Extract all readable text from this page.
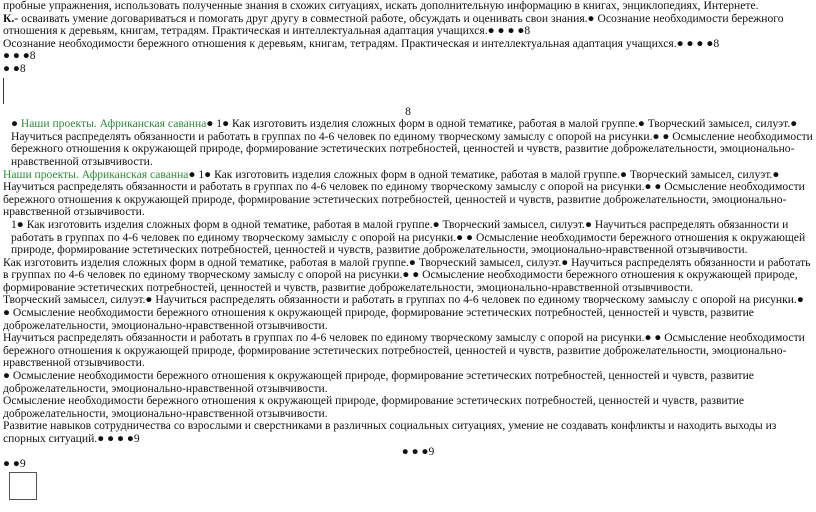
пробные упражнения, использовать полученные знания в схожих ситуациях, искать дополнительную информацию в книгах, энциклопедиях, Интернете.

К.- осваивать умение договариваться и помогать друг другу в совместной работе, обсуждать и оценивать свои знания.● Осознание необходимости бережного отношения к деревьям, книгам, тетрадям. Практическая и интеллектуальная адаптация учащихся.● ● ● ●8

Осознание необходимости бережного отношения к деревьям, книгам, тетрадям. Практическая и интеллектуальная адаптация учащихся.● ● ● ●8

● ● ●8

● ●8

8

● Наши проекты. Африканская саванна● 1● Как изготовить изделия сложных форм в одной тематике, работая в малой группе.● Творческий замысел, силуэт.● Научиться распределять обязанности и работать в группах по 4-6 человек по единому творческому замыслу с опорой на рисунки.● ● Осмысление необходимости бережного отношения к окружающей природе, формирование эстетических потребностей, ценностей и чувств, развитие доброжелательности, эмоционально-нравственной отзывчивости.

Наши проекты. Африканская саванна● 1● Как изготовить изделия сложных форм в одной тематике, работая в малой группе.● Творческий замысел, силуэт.● Научиться распределять обязанности и работать в группах по 4-6 человек по единому творческому замыслу с опорой на рисунки.● ● Осмысление необходимости бережного отношения к окружающей природе, формирование эстетических потребностей, ценностей и чувств, развитие доброжелательности, эмоционально-нравственной отзывчивости.

1● Как изготовить изделия сложных форм в одной тематике, работая в малой группе.● Творческий замысел, силуэт.● Научиться распределять обязанности и работать в группах по 4-6 человек по единому творческому замыслу с опорой на рисунки.● ● Осмысление необходимости бережного отношения к окружающей природе, формирование эстетических потребностей, ценностей и чувств, развитие доброжелательности, эмоционально-нравственной отзывчивости.

Как изготовить изделия сложных форм в одной тематике, работая в малой группе.● Творческий замысел, силуэт.● Научиться распределять обязанности и работать в группах по 4-6 человек по единому творческому замыслу с опорой на рисунки.● ● Осмысление необходимости бережного отношения к окружающей природе, формирование эстетических потребностей, ценностей и чувств, развитие доброжелательности, эмоционально-нравственной отзывчивости.

Творческий замысел, силуэт.● Научиться распределять обязанности и работать в группах по 4-6 человек по единому творческому замыслу с опорой на рисунки.● ● Осмысление необходимости бережного отношения к окружающей природе, формирование эстетических потребностей, ценностей и чувств, развитие доброжелательности, эмоционально-нравственной отзывчивости.

Научиться распределять обязанности и работать в группах по 4-6 человек по единому творческому замыслу с опорой на рисунки.● ● Осмысление необходимости бережного отношения к окружающей природе, формирование эстетических потребностей, ценностей и чувств, развитие доброжелательности, эмоционально-нравственной отзывчивости.

● Осмысление необходимости бережного отношения к окружающей природе, формирование эстетических потребностей, ценностей и чувств, развитие доброжелательности, эмоционально-нравственной отзывчивости.

Осмысление необходимости бережного отношения к окружающей природе, формирование эстетических потребностей, ценностей и чувств, развитие доброжелательности, эмоционально-нравственной отзывчивости.

Развитие навыков сотрудничества со взрослыми и сверстниками в различных социальных ситуациях, умение не создавать конфликты и находить выходы из спорных ситуаций.● ● ● ●9

● ● ●9

● ●9
